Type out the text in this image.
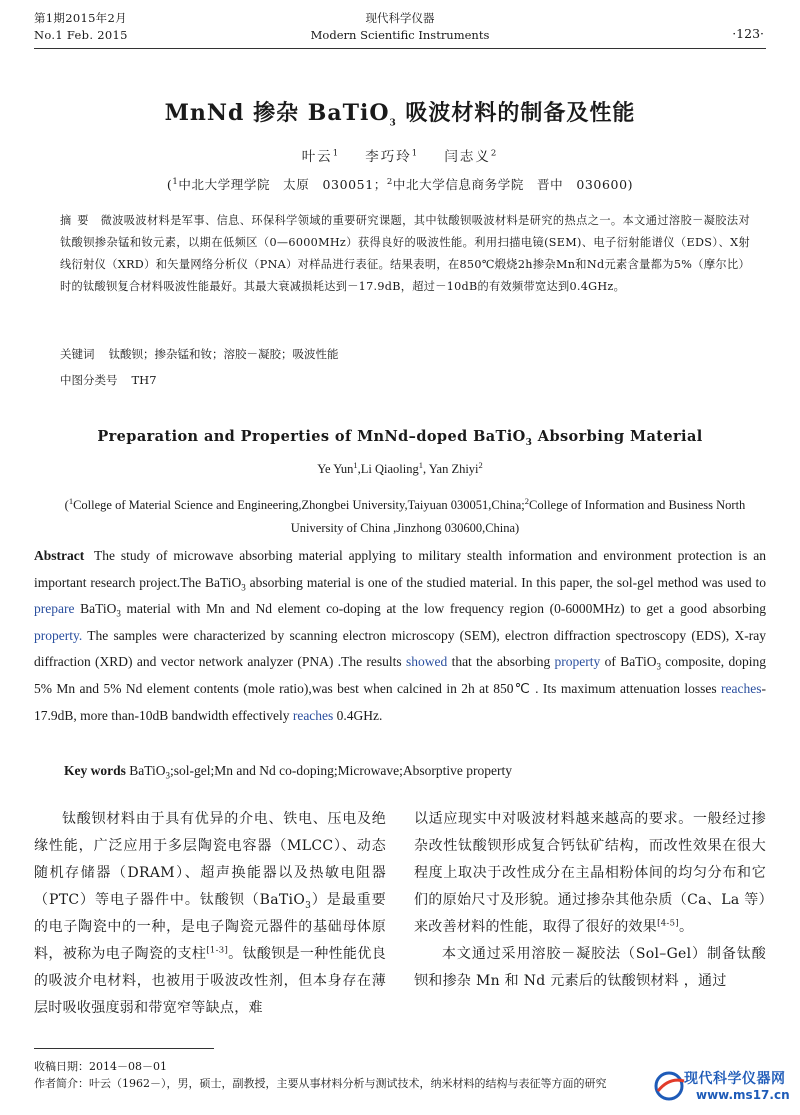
第1期2015年2月
No.1 Feb. 2015
现代科学仪器
Modern Scientific Instruments	·123·
MnNd 掺杂 BaTiO$_3$ 吸波材料的制备及性能
叶云$^1$ 李巧玲$^1$ 闫志义$^2$
($^1$中北大学理学院　太原　030051；$^2$中北大学信息商务学院　晋中　030600)
摘要 微波吸波材料是军事、信息、环保科学领域的重要研究课题，其中钛酸钡吸波材料是研究的热点之一。本文通过溶胶－凝胶法对钛酸钡掺杂锰和钕元素，以期在低频区（0—6000MHz）获得良好的吸波性能。利用扫描电镜(SEM)、电子衍射能谱仪（EDS）、X射线衍射仪（XRD）和矢量网络分析仪（PNA）对样品进行表征。结果表明，在850℃煅烧2h掺杂Mn和Nd元素含量都为5%（摩尔比）时的钛酸钡复合材料吸波性能最好。其最大衰减损耗达到－17.9dB，超过－10dB的有效频带宽达到0.4GHz。
关键词 钛酸钡；掺杂锰和钕；溶胶－凝胶；吸波性能
中图分类号 TH7
Preparation and Properties of MnNd–doped BaTiO$_3$ Absorbing Material
Ye Yun$^1$,Li Qiaoling$^1$, Yan Zhiyi$^2$
($^1$College of Material Science and Engineering,Zhongbei University,Taiyuan 030051,China;$^2$College of Information and Business North University of China ,Jinzhong 030600,China)
Abstract The study of microwave absorbing material applying to military stealth information and environment protection is an important research project.The BaTiO$_3$ absorbing material is one of the studied material. In this paper, the sol-gel method was used to prepare BaTiO$_3$ material with Mn and Nd element co-doping at the low frequency region (0-6000MHz) to get a good absorbing property. The samples were characterized by scanning electron microscopy (SEM), electron diffraction spectroscopy (EDS), X-ray diffraction (XRD) and vector network analyzer (PNA) .The results showed that the absorbing property of BaTiO$_3$ composite, doping 5% Mn and 5% Nd element contents (mole ratio),was best when calcined in 2h at 850℃ . Its maximum attenuation losses reaches-17.9dB, more than-10dB bandwidth effectively reaches 0.4GHz.
Key words BaTiO$_3$;sol-gel;Mn and Nd co-doping;Microwave;Absorptive property
钛酸钡材料由于具有优异的介电、铁电、压电及绝缘性能，广泛应用于多层陶瓷电容器（MLCC）、动态随机存储器（DRAM）、超声换能器以及热敏电阻器（PTC）等电子器件中。钛酸钡（BaTiO$_3$）是最重要的电子陶瓷中的一种，是电子陶瓷元器件的基础母体原料，被称为电子陶瓷的支柱[1-3]。钛酸钡是一种性能优良的吸波介电材料，也被用于吸波改性剂，但本身存在薄层时吸收强度弱和带宽窄等缺点，难

以适应现实中对吸波材料越来越高的要求。一般经过掺杂改性钛酸钡形成复合钙钛矿结构，而改性效果在很大程度上取决于改性成分在主晶相粉体间的均匀分布和它们的原始尺寸及形貌。通过掺杂其他杂质（Ca、La 等）来改善材料的性能，取得了很好的效果[4-5]。

本文通过采用溶胶－凝胶法（Sol–Gel）制备钛酸钡和掺杂 Mn 和 Nd 元素后的钛酸钡材料 ，通过

收稿日期：2014－08－01
作者简介：叶云（1962－），男，硕士，副教授，主要从事材料分析与测试技术，纳米材料的结构与表征等方面的研究	现代科学仪器网
www.ms17.cn
